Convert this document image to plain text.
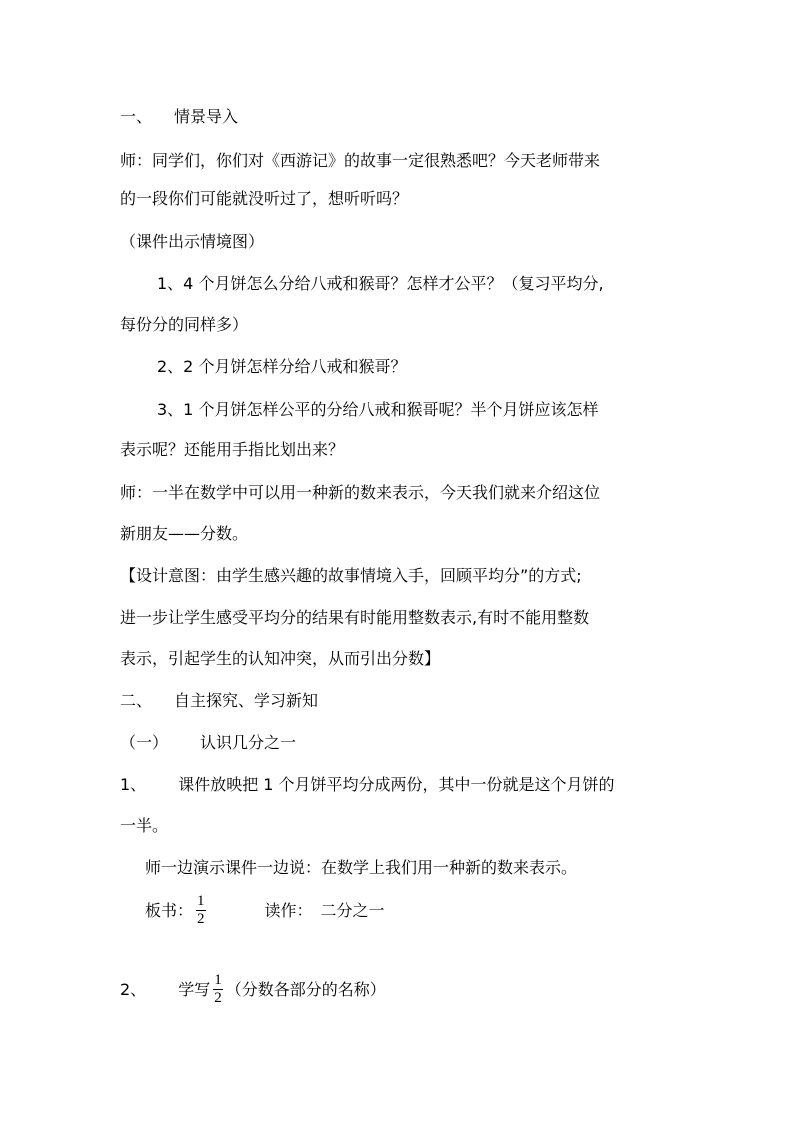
一、 情景导入
师：同学们，你们对《西游记》的故事一定很熟悉吧？今天老师带来
的一段你们可能就没听过了，想听听吗？
（课件出示情境图）
1、4 个月饼怎么分给八戒和猴哥？怎样才公平？（复习平均分,
每份分的同样多）
2、2 个月饼怎样分给八戒和猴哥？
3、1 个月饼怎样公平的分给八戒和猴哥呢？半个月饼应该怎样
表示呢？还能用手指比划出来？
师：一半在数学中可以用一种新的数来表示，今天我们就来介绍这位
新朋友——分数。
【设计意图：由学生感兴趣的故事情境入手，回顾平均分”的方式;
进一步让学生感受平均分的结果有时能用整数表示,有时不能用整数
表示，引起学生的认知冲突，从而引出分数】
二、 自主探究、学习新知
（一） 认识几分之一
1、 课件放映把 1 个月饼平均分成两份，其中一份就是这个月饼的
一半。
师一边演示课件一边说：在数学上我们用一种新的数来表示。
板书： $\frac{1}{2}$	读作： 二分之一
2、 学写 $\frac{1}{2}$ （分数各部分的名称）
